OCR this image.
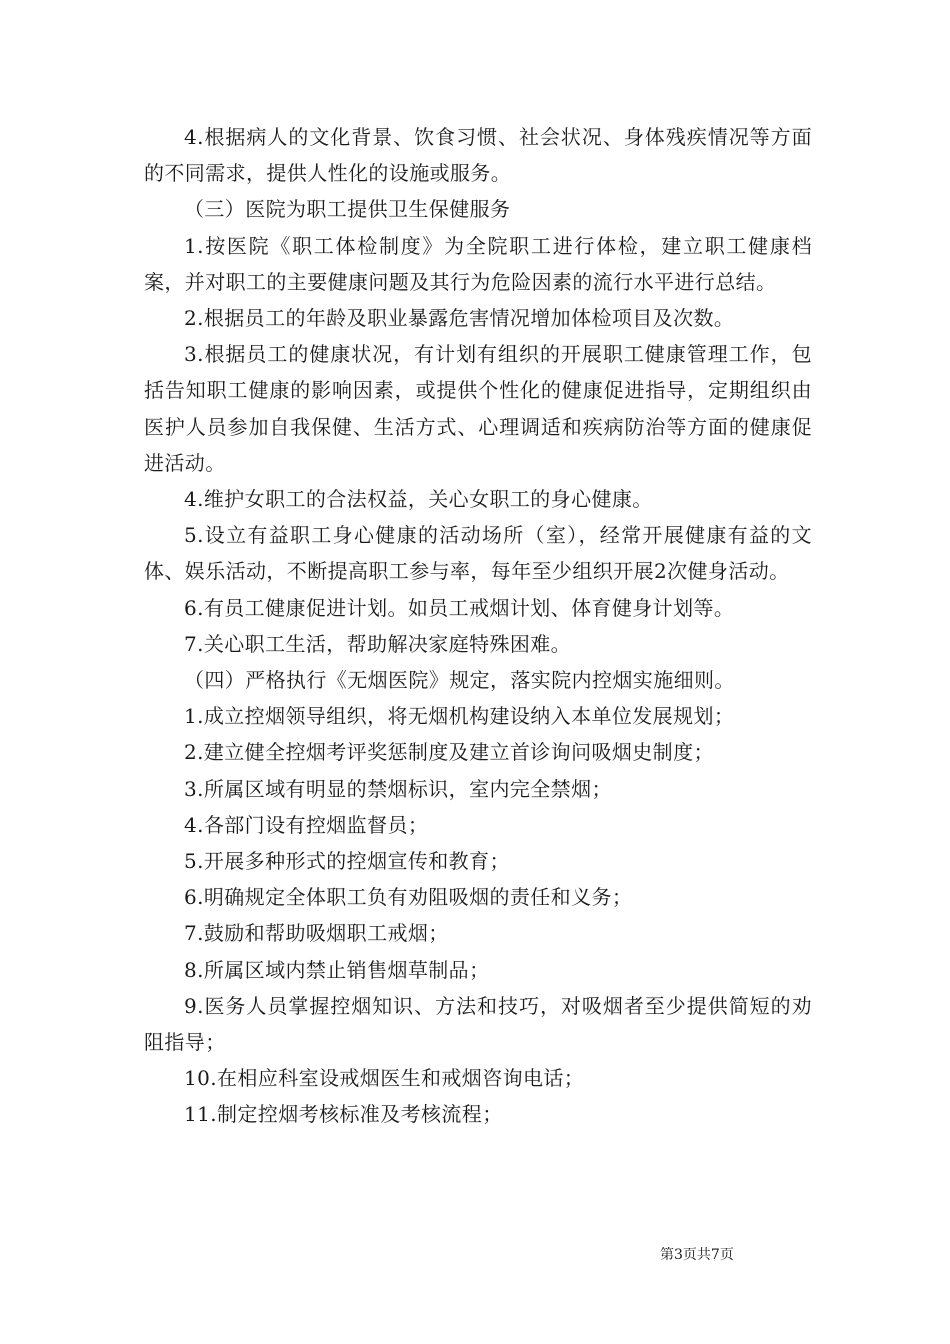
4.根据病人的文化背景、饮食习惯、社会状况、身体残疾情况等方面的不同需求，提供人性化的设施或服务。

（三）医院为职工提供卫生保健服务

1.按医院《职工体检制度》为全院职工进行体检，建立职工健康档案，并对职工的主要健康问题及其行为危险因素的流行水平进行总结。

2.根据员工的年龄及职业暴露危害情况增加体检项目及次数。

3.根据员工的健康状况，有计划有组织的开展职工健康管理工作，包括告知职工健康的影响因素，或提供个性化的健康促进指导，定期组织由医护人员参加自我保健、生活方式、心理调适和疾病防治等方面的健康促进活动。

4.维护女职工的合法权益，关心女职工的身心健康。

5.设立有益职工身心健康的活动场所（室），经常开展健康有益的文体、娱乐活动，不断提高职工参与率，每年至少组织开展2次健身活动。

6.有员工健康促进计划。如员工戒烟计划、体育健身计划等。

7.关心职工生活，帮助解决家庭特殊困难。

（四）严格执行《无烟医院》规定，落实院内控烟实施细则。

1.成立控烟领导组织，将无烟机构建设纳入本单位发展规划；

2.建立健全控烟考评奖惩制度及建立首诊询问吸烟史制度；

3.所属区域有明显的禁烟标识，室内完全禁烟；

4.各部门设有控烟监督员；

5.开展多种形式的控烟宣传和教育；

6.明确规定全体职工负有劝阻吸烟的责任和义务；

7.鼓励和帮助吸烟职工戒烟；

8.所属区域内禁止销售烟草制品；

9.医务人员掌握控烟知识、方法和技巧，对吸烟者至少提供简短的劝阻指导；

10.在相应科室设戒烟医生和戒烟咨询电话；

11.制定控烟考核标准及考核流程；

第3页共7页
